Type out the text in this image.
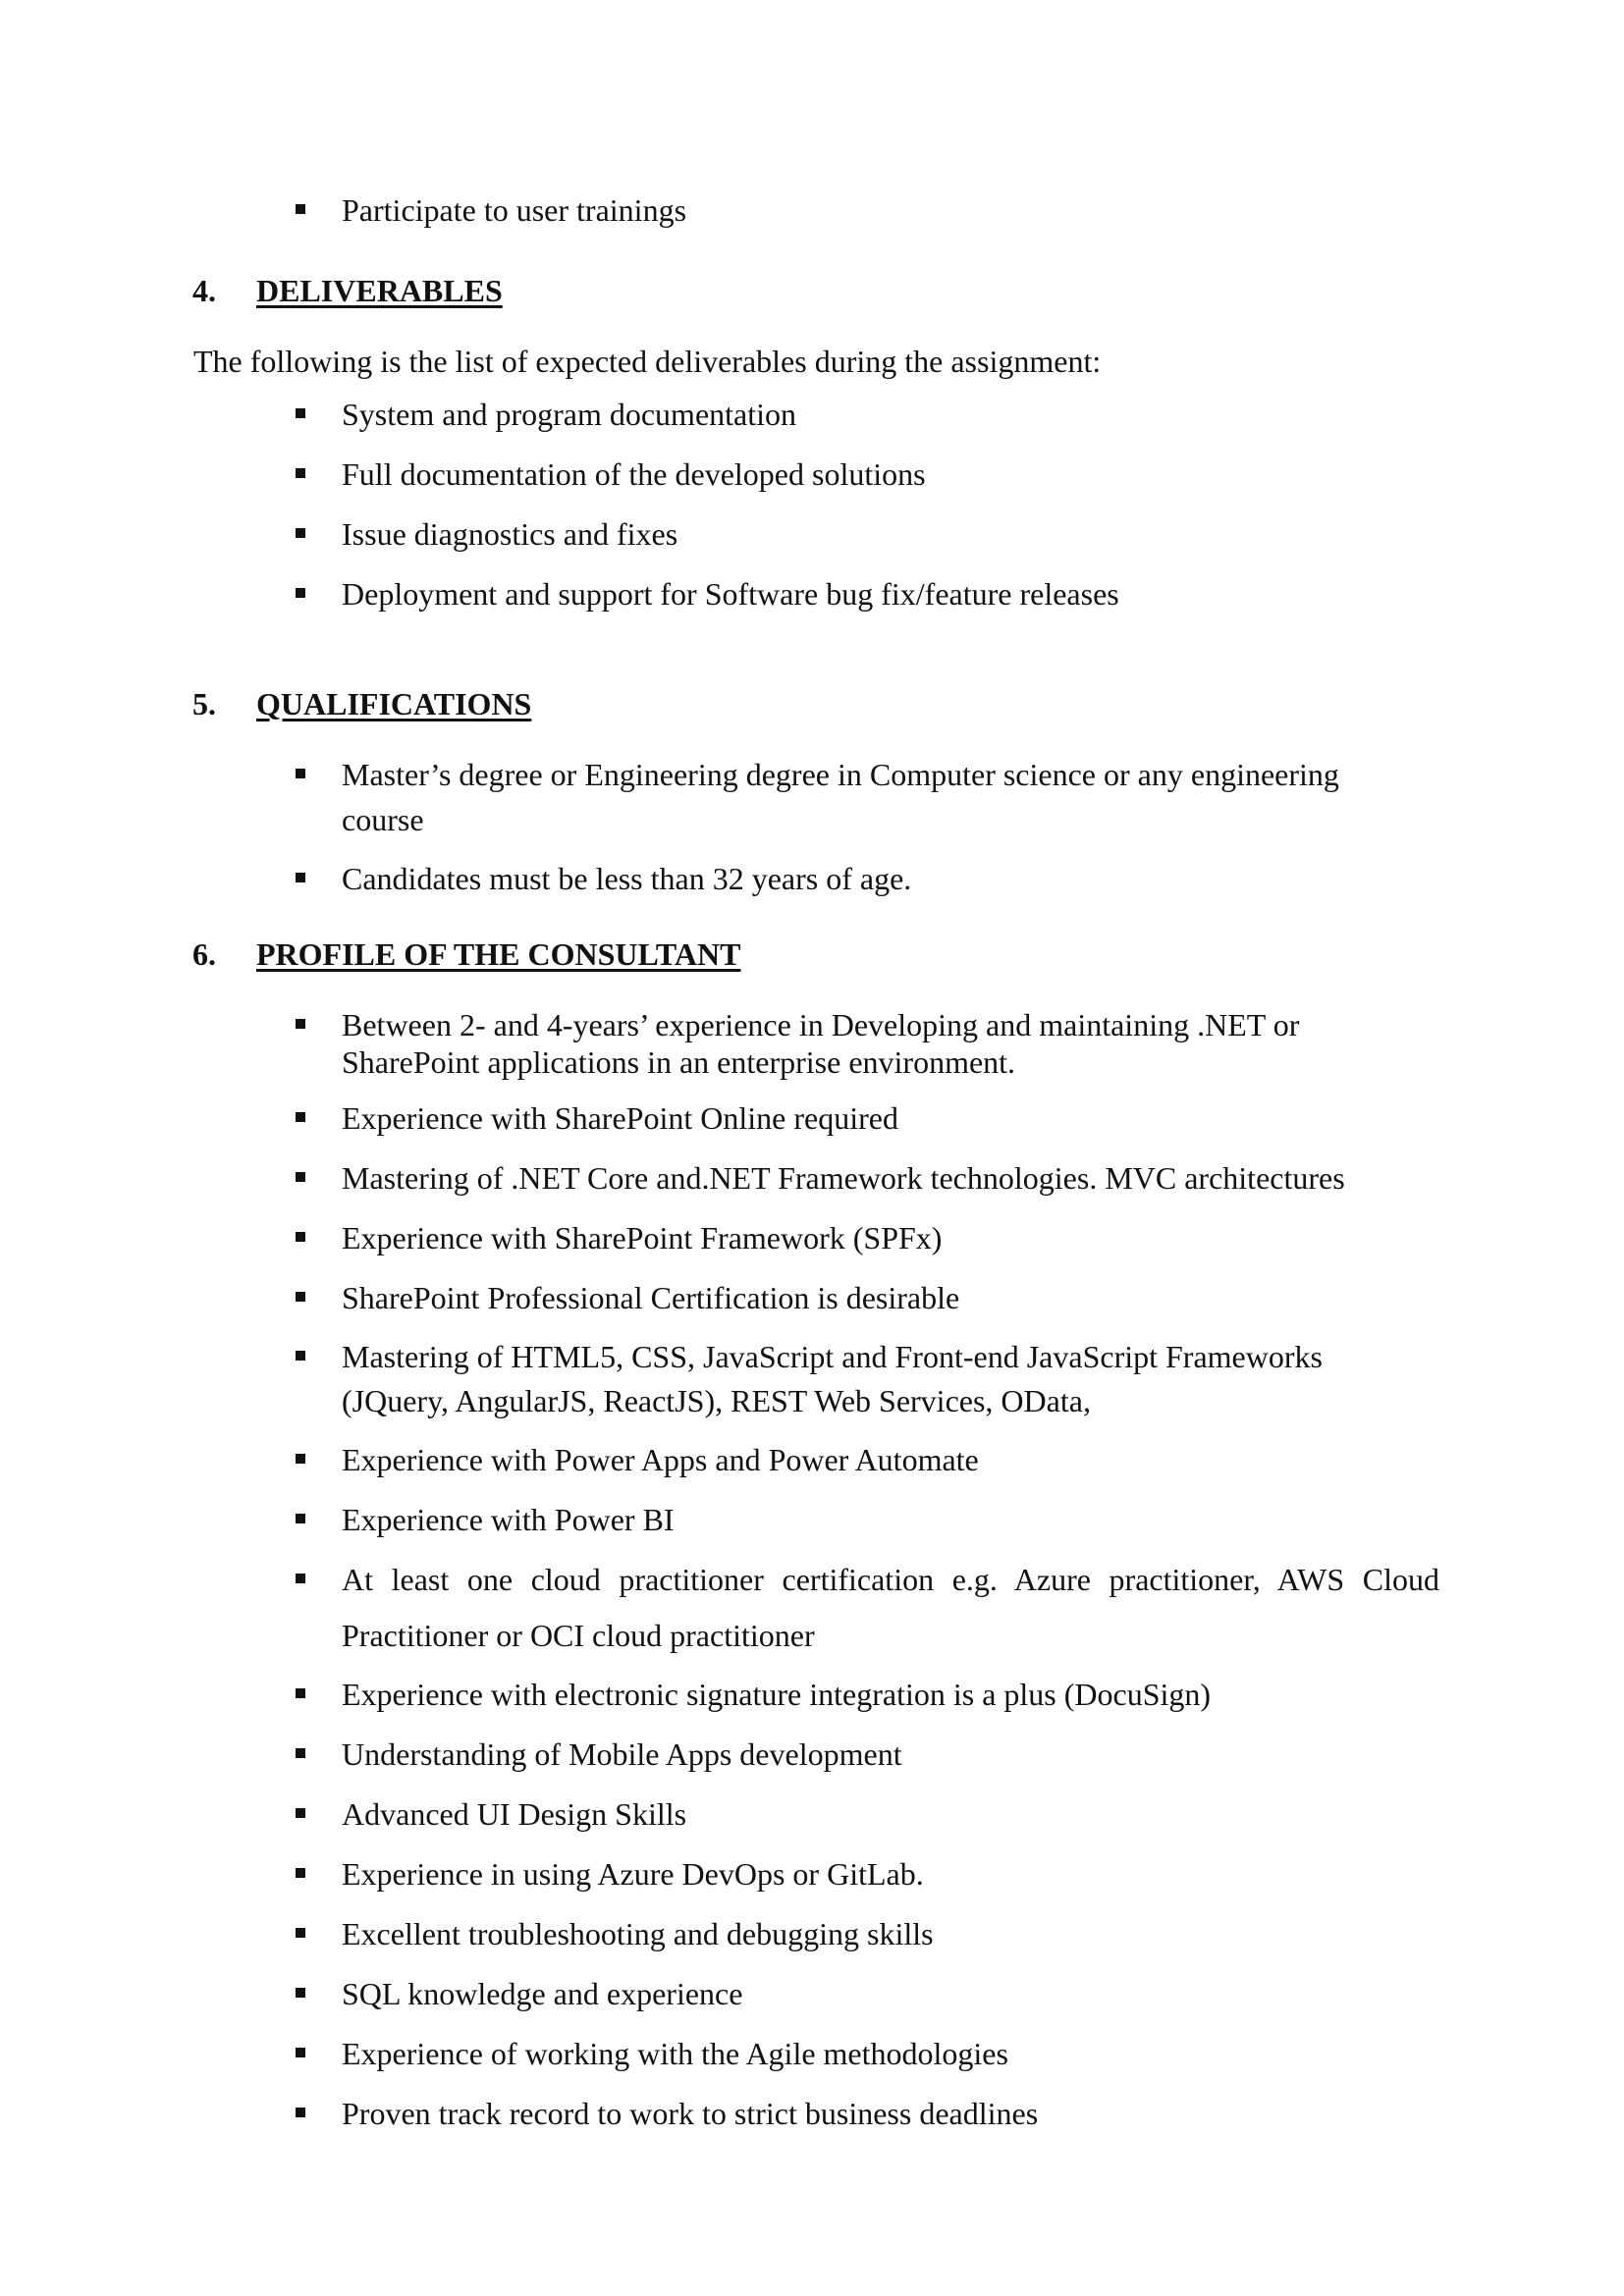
Participate to user trainings
4. DELIVERABLES
The following is the list of expected deliverables during the assignment:
System and program documentation
Full documentation of the developed solutions
Issue diagnostics and fixes
Deployment and support for Software bug fix/feature releases
5. QUALIFICATIONS
Master’s degree or Engineering degree in Computer science or any engineering
course
Candidates must be less than 32 years of age.
6. PROFILE OF THE CONSULTANT
Between 2- and 4-years’ experience in Developing and maintaining .NET or
SharePoint applications in an enterprise environment.
Experience with SharePoint Online required
Mastering of .NET Core and.NET Framework technologies. MVC architectures
Experience with SharePoint Framework (SPFx)
SharePoint Professional Certification is desirable
Mastering of HTML5, CSS, JavaScript and Front-end JavaScript Frameworks
(JQuery, AngularJS, ReactJS), REST Web Services, OData,
Experience with Power Apps and Power Automate
Experience with Power BI
At least one cloud practitioner certification e.g. Azure practitioner, AWS Cloud
Practitioner or OCI cloud practitioner
Experience with electronic signature integration is a plus (DocuSign)
Understanding of Mobile Apps development
Advanced UI Design Skills
Experience in using Azure DevOps or GitLab.
Excellent troubleshooting and debugging skills
SQL knowledge and experience
Experience of working with the Agile methodologies
Proven track record to work to strict business deadlines
